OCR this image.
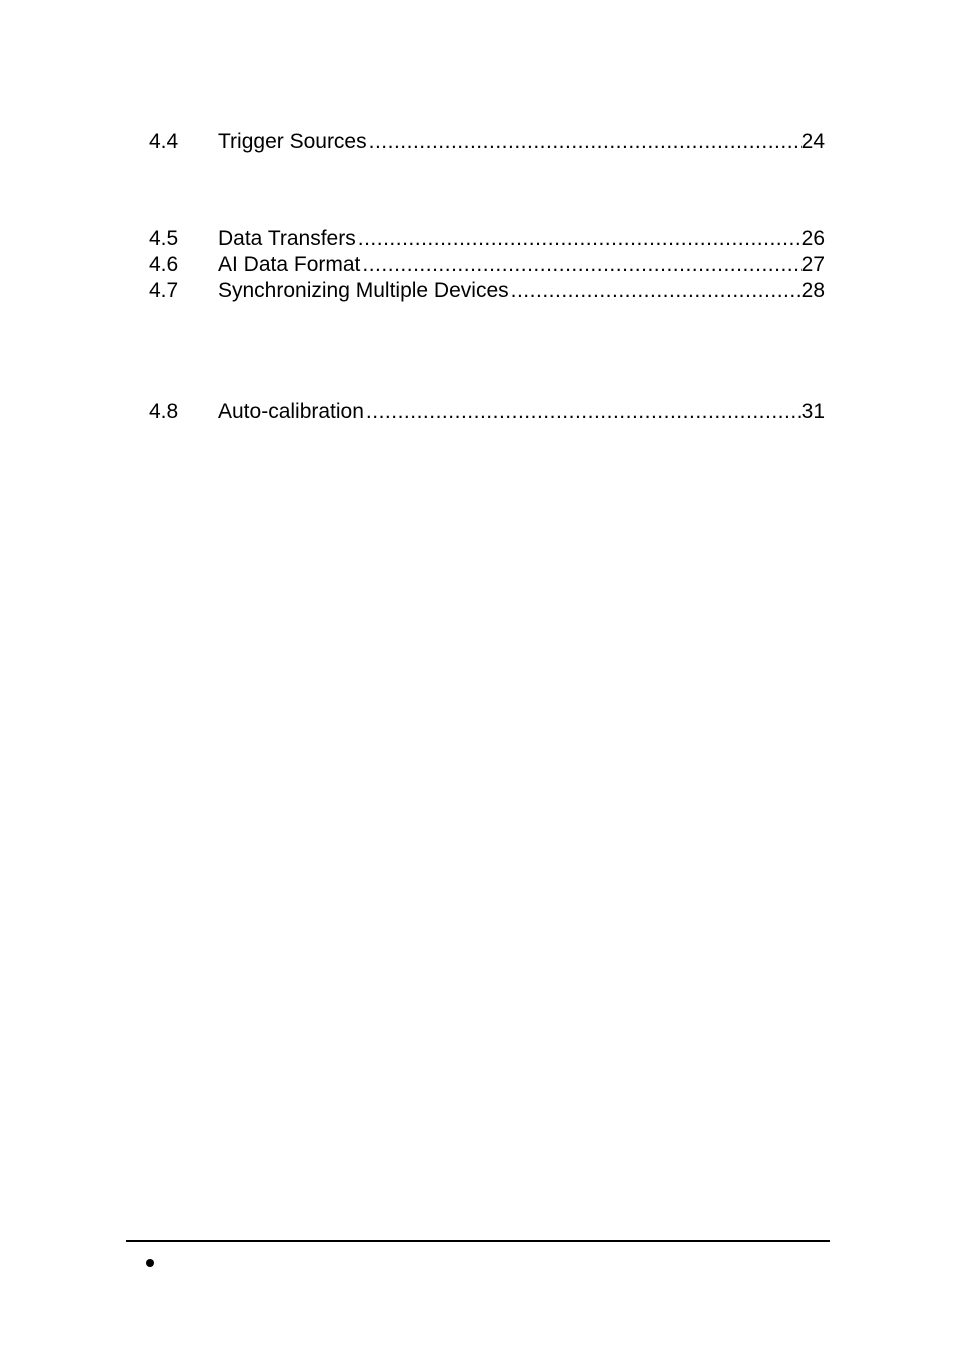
4.4 Trigger Sources .....	24
4.5 Data Transfers .....	26
4.6 AI Data Format .....	27
4.7 Synchronizing Multiple Devices .....	28
4.8 Auto-calibration .....	31
